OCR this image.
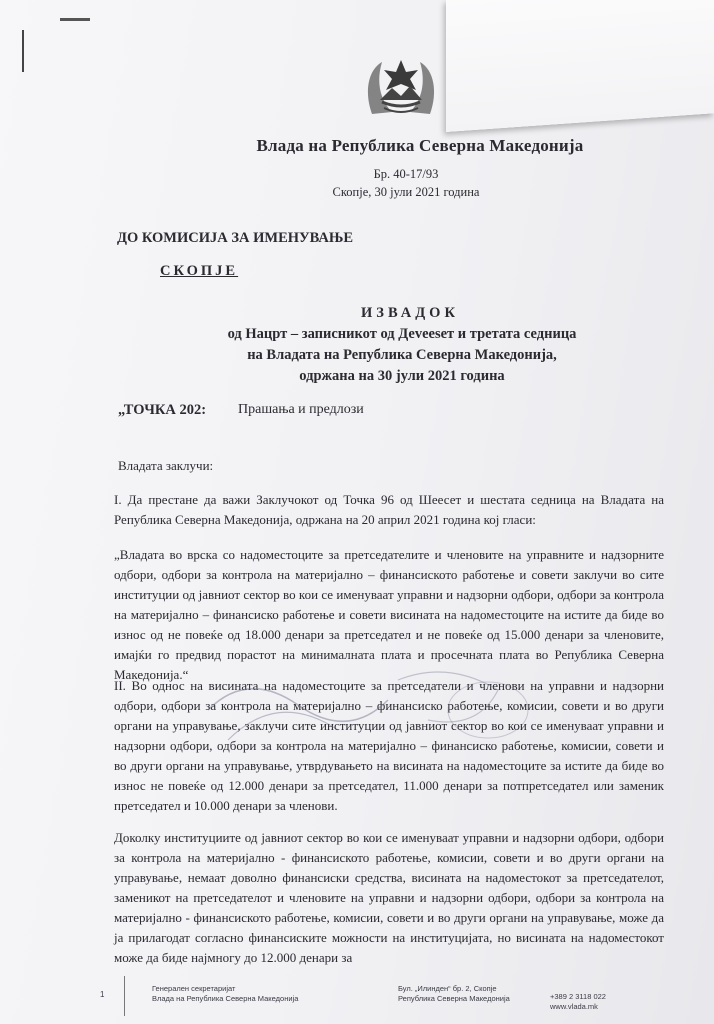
Влада на Република Северна Македонија
Бр. 40-17/93
Скопје, 30 јули 2021 година
ДО КОМИСИЈА ЗА ИМЕНУВАЊЕ
СКОПЈЕ
ИЗВАДОК
од Нацрт – записникот од Деveesет и третата седница
на Владата на Република Северна Македонија,
одржана на 30 јули 2021 година
„ТОЧКА 202: Прашања и предлози
Владата заклучи:
I. Да престане да важи Заклучокот од Точка 96 од Шеесет и шестата седница на Владата на Република Северна Македонија, одржана на 20 април 2021 година кој гласи:
„Владата во врска со надоместоците за претседателите и членовите на управните и надзорните одбори, одбори за контрола на материјално – финансиското работење и совети заклучи во сите институции од јавниот сектор во кои се именуваат управни и надзорни одбори, одбори за контрола на материјално – финансиско работење и совети висината на надоместоците на истите да биде во износ од не повеќе од 18.000 денари за претседател и не повеќе од 15.000 денари за членовите, имајќи го предвид порастот на минималната плата и просечната плата во Република Северна Македонија.“
II. Во однос на висината на надоместоците за претседатели и членови на управни и надзорни одбори, одбори за контрола на материјално – финансиско работење, комисии, совети и во други органи на управување, заклучи сите институции од јавниот сектор во кои се именуваат управни и надзорни одбори, одбори за контрола на материјално – финансиско работење, комисии, совети и во други органи на управување, утврдувањето на висината на надоместоците за истите да биде во износ не повеќе од 12.000 денари за претседател, 11.000 денари за потпретседател или заменик претседател и 10.000 денари за членови.
Доколку институциите од јавниот сектор во кои се именуваат управни и надзорни одбори, одбори за контрола на материјално - финансиското работење, комисии, совети и во други органи на управување, немаат доволно финансиски средства, висината на надоместокот за претседателот, заменикот на претседателот и членовите на управни и надзорни одбори, одбори за контрола на материјално - финансиското работење, комисии, совети и во други органи на управување, може да ја прилагодат согласно финансиските можности на институцијата, но висината на надоместокот може да биде најмногу до 12.000 денари за
1
Генерален секретаријат
Влада на Република Северна Македонија
Бул. „Илинден“ бр. 2, Скопје
Република Северна Македонија	+389 2 3118 022
www.vlada.mk
